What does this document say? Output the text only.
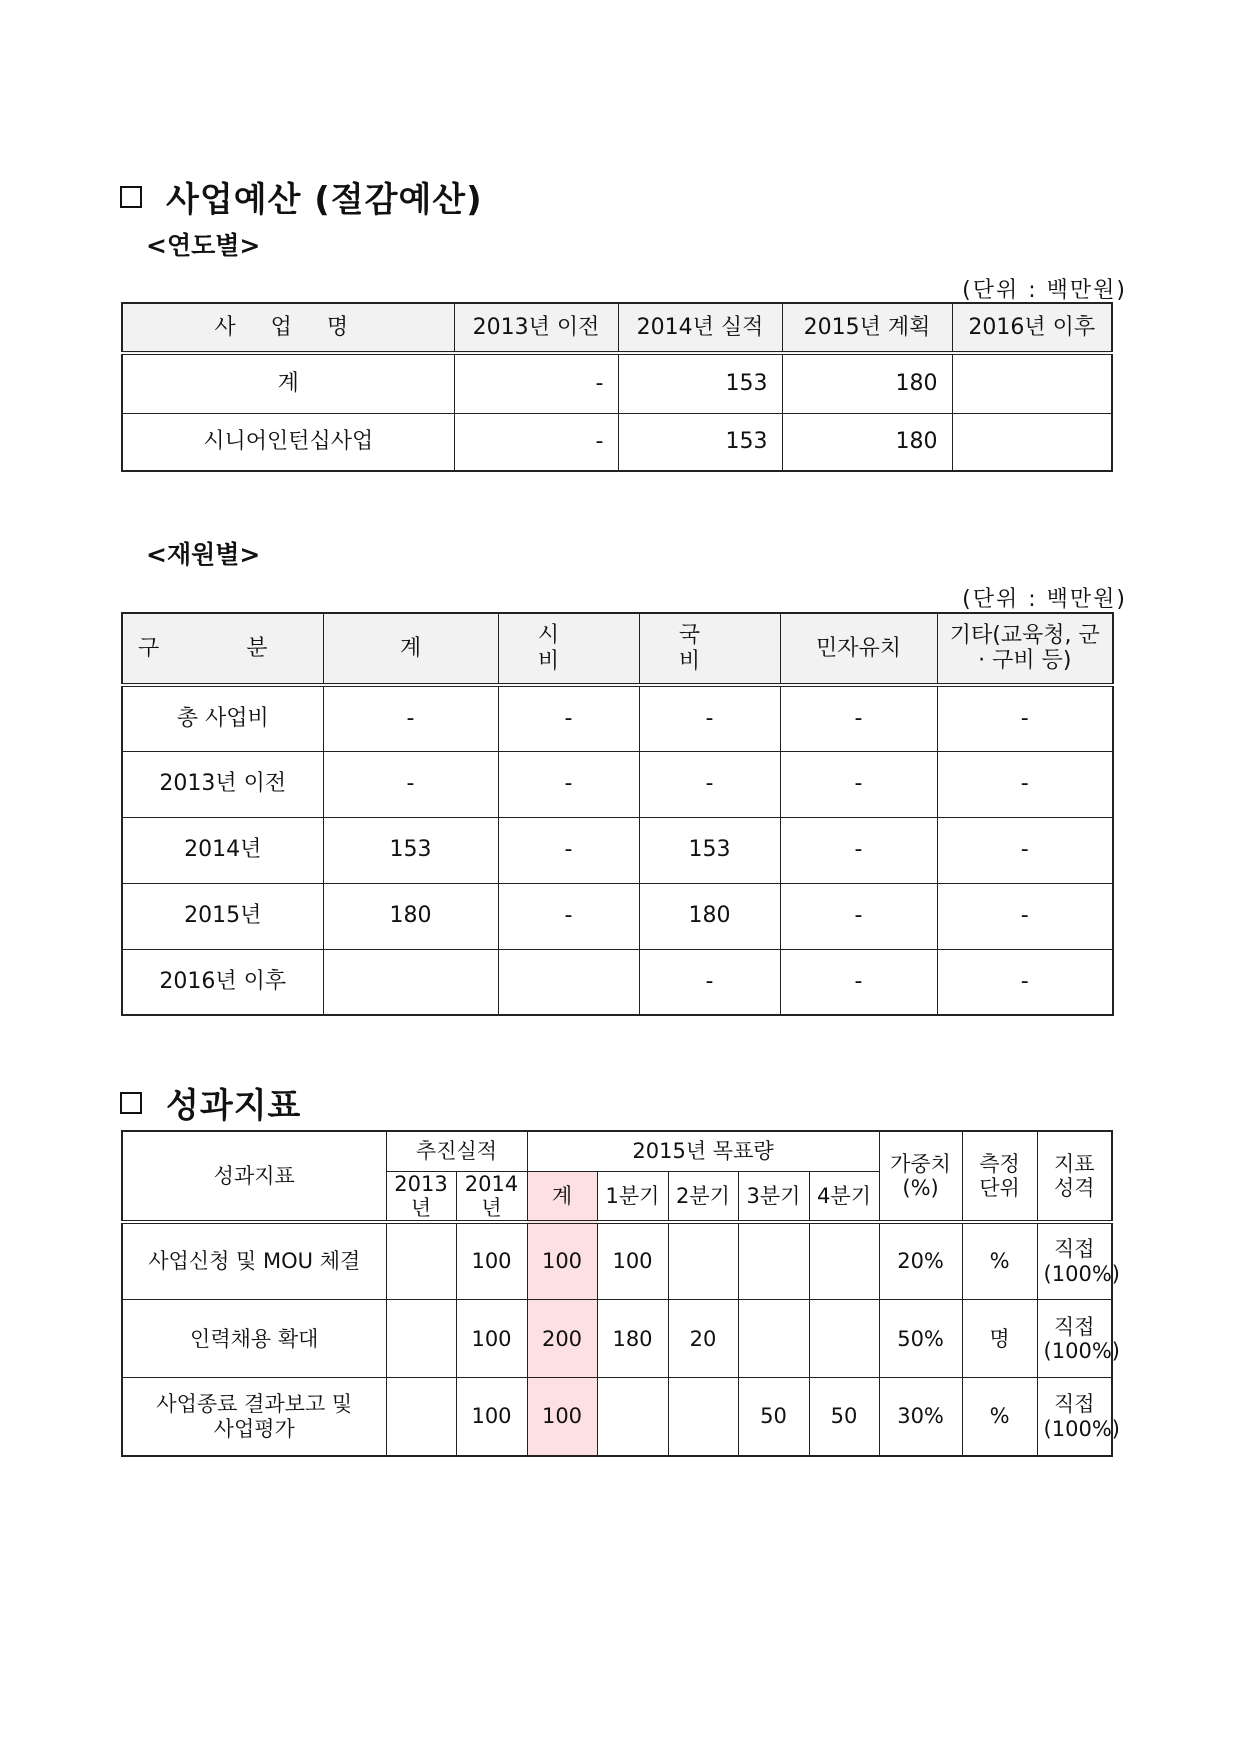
사업예산 (절감예산)
<연도별>
(단위 : 백만원)
사 업 명	2013년 이전	2014년 실적	2015년 계획	2016년 이후
계	-	153	180	
시니어인턴십사업	-	153	180	
<재원별>
(단위 : 백만원)
구 분	계	시 비	국 비	민자유치	기타(교육청, 군 · 구비 등)
총 사업비	-	-	-	-	-
2013년 이전	-	-	-	-	-
2014년	153	-	153	-	-
2015년	180	-	180	-	-
2016년 이후			-	-	-
성과지표
성과지표	추진실적		2015년 목표량					가중치 (%)	측정 단위	지표 성격
	2013년	2014년	계	1분기	2분기	3분기	4분기			
사업신청 및 MOU 체결		100	100	100				20%	%	직접
(100%)

인력채용 확대		100	200	180	20			50%	명	직접
(100%)

사업종료 결과보고 및 사업평가		100	100			50	50	30%	%	직접
(100%)
